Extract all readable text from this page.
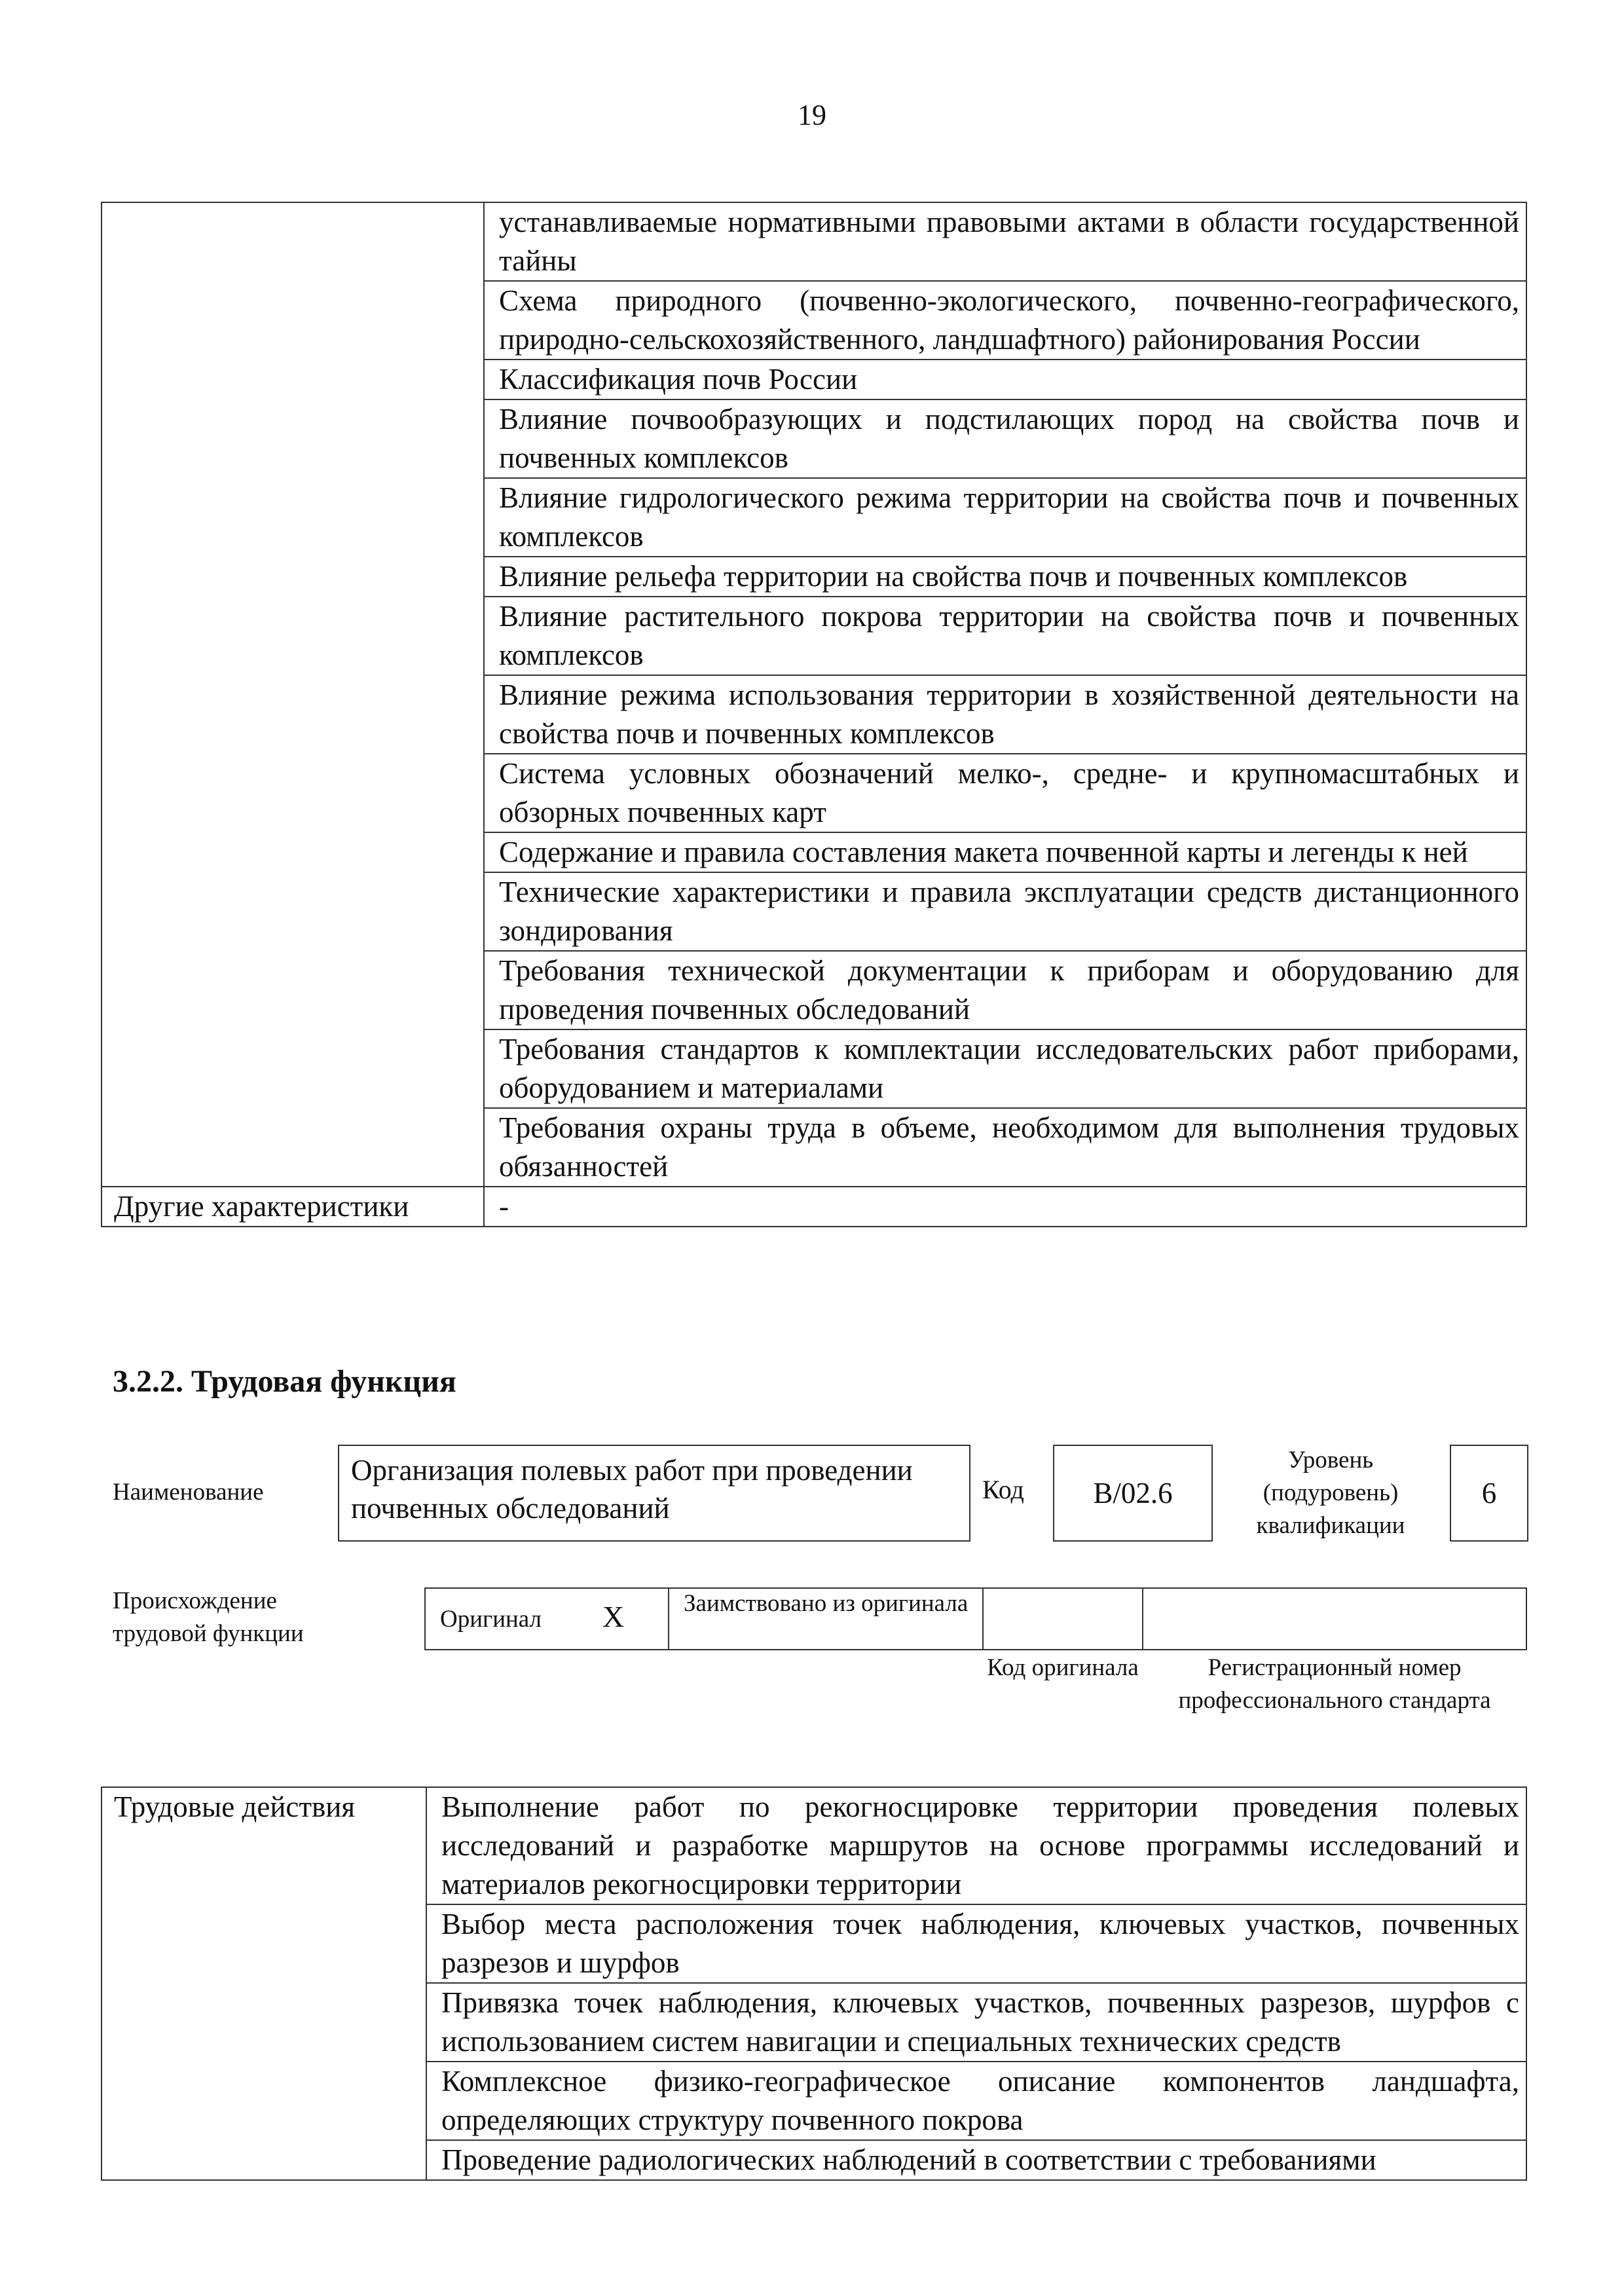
19
	устанавливаемые нормативными правовыми актами в области государственной тайны
	Схема природного (почвенно-экологического, почвенно-географического, природно-сельскохозяйственного, ландшафтного) районирования России
	Классификация почв России
	Влияние почвообразующих и подстилающих пород на свойства почв и почвенных комплексов
	Влияние гидрологического режима территории на свойства почв и почвенных комплексов
	Влияние рельефа территории на свойства почв и почвенных комплексов
	Влияние растительного покрова территории на свойства почв и почвенных комплексов
	Влияние режима использования территории в хозяйственной деятельности на свойства почв и почвенных комплексов
	Система условных обозначений мелко-, средне- и крупномасштабных и обзорных почвенных карт
	Содержание и правила составления макета почвенной карты и легенды к ней
	Технические характеристики и правила эксплуатации средств дистанционного зондирования
	Требования технической документации к приборам и оборудованию для проведения почвенных обследований
	Требования стандартов к комплектации исследовательских работ приборами, оборудованием и материалами
	Требования охраны труда в объеме, необходимом для выполнения трудовых обязанностей
Другие характеристики	-
3.2.2. Трудовая функция
Наименование
Организация полевых работ при проведении почвенных обследований
Код	B/02.6
Уровень (подуровень) квалификации
6
Происхождение трудовой функции
Оригинал X Заимствовано из оригинала
Код оригинала	Регистрационный номер профессионального стандарта
Трудовые действия	Выполнение работ по рекогносцировке территории проведения полевых исследований и разработке маршрутов на основе программы исследований и материалов рекогносцировки территории
Выбор места расположения точек наблюдения, ключевых участков, почвенных разрезов и шурфов
Привязка точек наблюдения, ключевых участков, почвенных разрезов, шурфов с использованием систем навигации и специальных технических средств
Комплексное физико-географическое описание компонентов ландшафта, определяющих структуру почвенного покрова
Проведение радиологических наблюдений в соответствии с требованиями
